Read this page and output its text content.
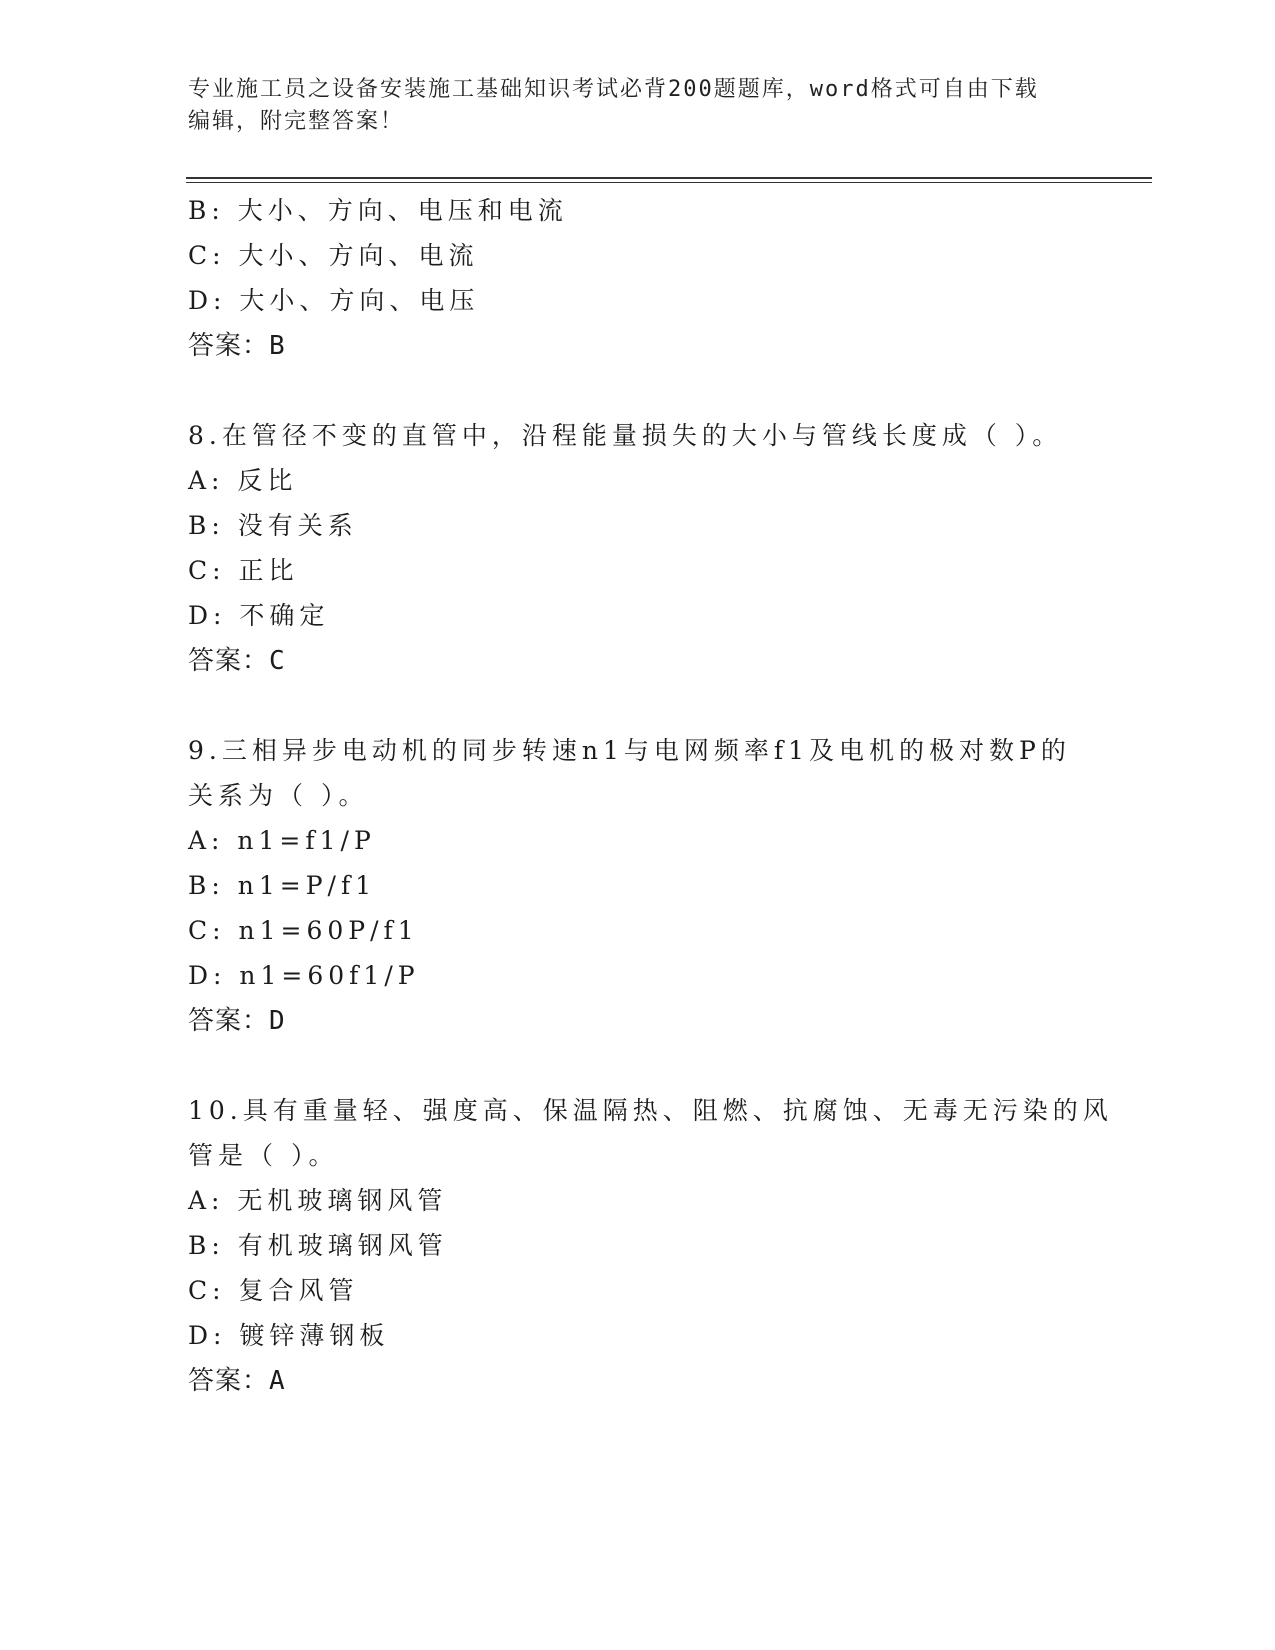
专业施工员之设备安装施工基础知识考试必背200题题库，word格式可自由下载
编辑，附完整答案！
B: 大小、方向、电压和电流
C: 大小、方向、电流
D: 大小、方向、电压
答案：B
8.在管径不变的直管中，沿程能量损失的大小与管线长度成（ ）。
A: 反比
B: 没有关系
C: 正比
D: 不确定
答案：C
9.三相异步电动机的同步转速n1与电网频率f1及电机的极对数P的
关系为（ ）。
A: n1=f1/P
B: n1=P/f1
C: n1=60P/f1
D: n1=60f1/P
答案：D
10.具有重量轻、强度高、保温隔热、阻燃、抗腐蚀、无毒无污染的风
管是（ ）。
A: 无机玻璃钢风管
B: 有机玻璃钢风管
C: 复合风管
D: 镀锌薄钢板
答案：A
